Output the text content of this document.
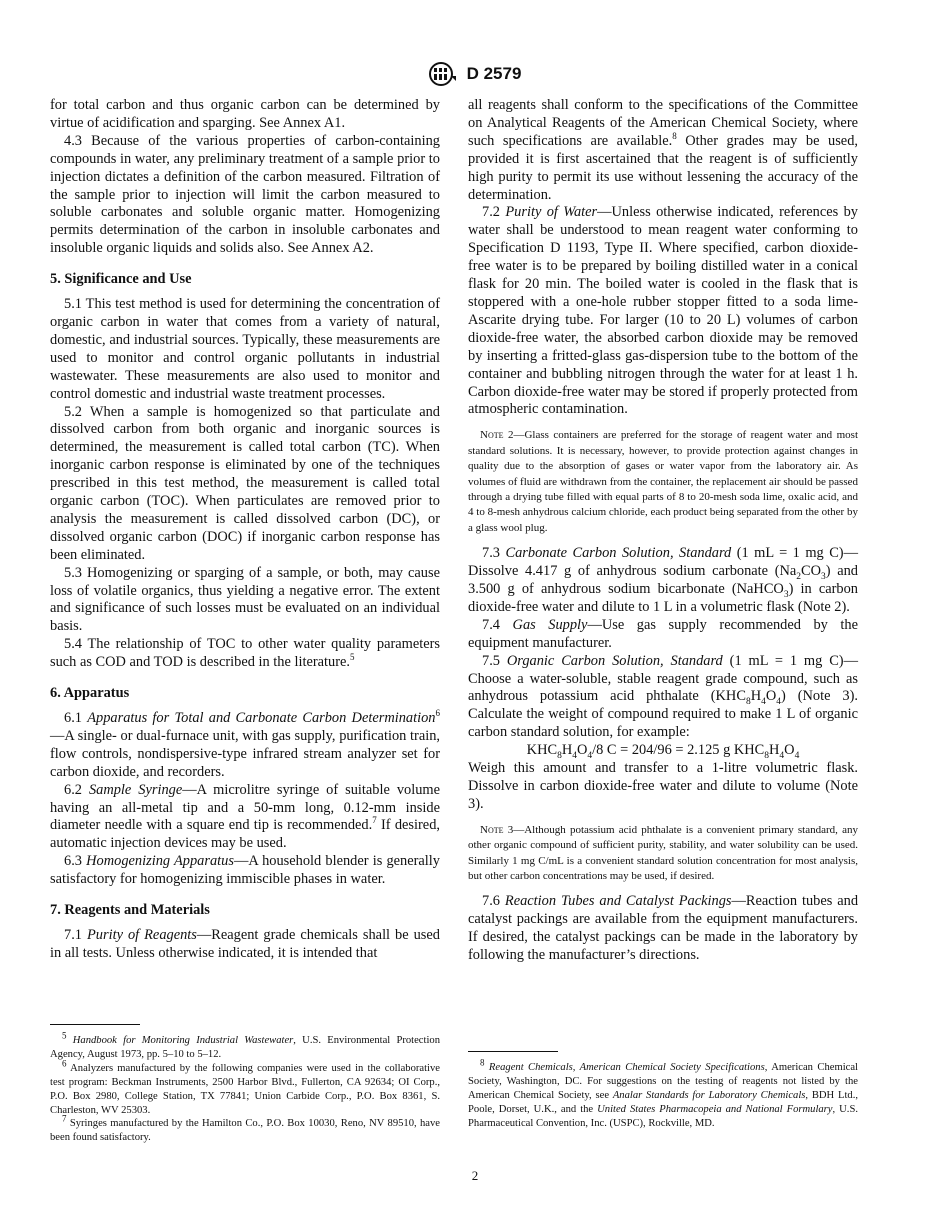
D 2579

for total carbon and thus organic carbon can be determined by virtue of acidification and sparging. See Annex A1.

4.3 Because of the various properties of carbon-containing compounds in water, any preliminary treatment of a sample prior to injection dictates a definition of the carbon measured. Filtration of the sample prior to injection will limit the carbon measured to soluble carbonates and soluble organic matter. Homogenizing permits determination of the carbon in insoluble carbonates and insoluble organic liquids and solids also. See Annex A2.

5. Significance and Use

5.1 This test method is used for determining the concentration of organic carbon in water that comes from a variety of natural, domestic, and industrial sources. Typically, these measurements are used to monitor and control organic pollutants in industrial wastewater. These measurements are also used to monitor and control domestic and industrial waste treatment processes.

5.2 When a sample is homogenized so that particulate and dissolved carbon from both organic and inorganic sources is determined, the measurement is called total carbon (TC). When inorganic carbon response is eliminated by one of the techniques prescribed in this test method, the measurement is called total organic carbon (TOC). When particulates are removed prior to analysis the measurement is called dissolved carbon (DC), or dissolved organic carbon (DOC) if inorganic carbon response has been eliminated.

5.3 Homogenizing or sparging of a sample, or both, may cause loss of volatile organics, thus yielding a negative error. The extent and significance of such losses must be evaluated on an individual basis.

5.4 The relationship of TOC to other water quality parameters such as COD and TOD is described in the literature.$^5$

6. Apparatus

6.1 Apparatus for Total and Carbonate Carbon Determination$^6$—A single- or dual-furnace unit, with gas supply, purification train, flow controls, nondispersive-type infrared stream analyzer set for carbon dioxide, and recorders.

6.2 Sample Syringe—A microlitre syringe of suitable volume having an all-metal tip and a 50-mm long, 0.12-mm inside diameter needle with a square end tip is recommended.$^7$ If desired, automatic injection devices may be used.

6.3 Homogenizing Apparatus—A household blender is generally satisfactory for homogenizing immiscible phases in water.

7. Reagents and Materials

7.1 Purity of Reagents—Reagent grade chemicals shall be used in all tests. Unless otherwise indicated, it is intended that

all reagents shall conform to the specifications of the Committee on Analytical Reagents of the American Chemical Society, where such specifications are available.$^8$ Other grades may be used, provided it is first ascertained that the reagent is of sufficiently high purity to permit its use without lessening the accuracy of the determination.

7.2 Purity of Water—Unless otherwise indicated, references by water shall be understood to mean reagent water conforming to Specification D 1193, Type II. Where specified, carbon dioxide-free water is to be prepared by boiling distilled water in a conical flask for 20 min. The boiled water is cooled in the flask that is stoppered with a one-hole rubber stopper fitted to a soda lime-Ascarite drying tube. For larger (10 to 20 L) volumes of carbon dioxide-free water, the absorbed carbon dioxide may be removed by inserting a fritted-glass gas-dispersion tube to the bottom of the container and bubbling nitrogen through the water for at least 1 h. Carbon dioxide-free water may be stored if properly protected from atmospheric contamination.

Note 2—Glass containers are preferred for the storage of reagent water and most standard solutions. It is necessary, however, to provide protection against changes in quality due to the absorption of gases or water vapor from the laboratory air. As volumes of fluid are withdrawn from the container, the replacement air should be passed through a drying tube filled with equal parts of 8 to 20-mesh soda lime, oxalic acid, and 4 to 8-mesh anhydrous calcium chloride, each product being separated from the other by a glass wool plug.

7.3 Carbonate Carbon Solution, Standard (1 mL = 1 mg C)—Dissolve 4.417 g of anhydrous sodium carbonate $(Na_2CO_3)$ and 3.500 g of anhydrous sodium bicarbonate (NaHCO$_3$) in carbon dioxide-free water and dilute to 1 L in a volumetric flask (Note 2).

7.4 Gas Supply—Use gas supply recommended by the equipment manufacturer.

7.5 Organic Carbon Solution, Standard (1 mL = 1 mg C)—Choose a water-soluble, stable reagent grade compound, such as anhydrous potassium acid phthalate $(KHC_8H_4O_4)$ (Note 3). Calculate the weight of compound required to make 1 L of organic carbon standard solution, for example:

$KHC_8H_4O_4/8$ C = 204/96 = 2.125 g $KHC_8H_4O_4$

Weigh this amount and transfer to a 1-litre volumetric flask. Dissolve in carbon dioxide-free water and dilute to volume (Note 3).

Note 3—Although potassium acid phthalate is a convenient primary standard, any other organic compound of sufficient purity, stability, and water solubility can be used. Similarly 1 mg C/mL is a convenient standard solution concentration for most analysis, but other carbon concentrations may be used, if desired.

7.6 Reaction Tubes and Catalyst Packings—Reaction tubes and catalyst packings are available from the equipment manufacturers. If desired, the catalyst packings can be made in the laboratory by following the manufacturer’s directions.

$^5$ Handbook for Monitoring Industrial Wastewater, U.S. Environmental Protection Agency, August 1973, pp. 5–10 to 5–12.

$^6$ Analyzers manufactured by the following companies were used in the collaborative test program: Beckman Instruments, 2500 Harbor Blvd., Fullerton, CA 92634; OI Corp., P.O. Box 2980, College Station, TX 77841; Union Carbide Corp., P.O. Box 8361, S. Charleston, WV 25303.

$^7$ Syringes manufactured by the Hamilton Co., P.O. Box 10030, Reno, NV 89510, have been found satisfactory.

$^8$ Reagent Chemicals, American Chemical Society Specifications, American Chemical Society, Washington, DC. For suggestions on the testing of reagents not listed by the American Chemical Society, see Analar Standards for Laboratory Chemicals, BDH Ltd., Poole, Dorset, U.K., and the United States Pharmacopeia and National Formulary, U.S. Pharmaceutical Convention, Inc. (USPC), Rockville, MD.

2
